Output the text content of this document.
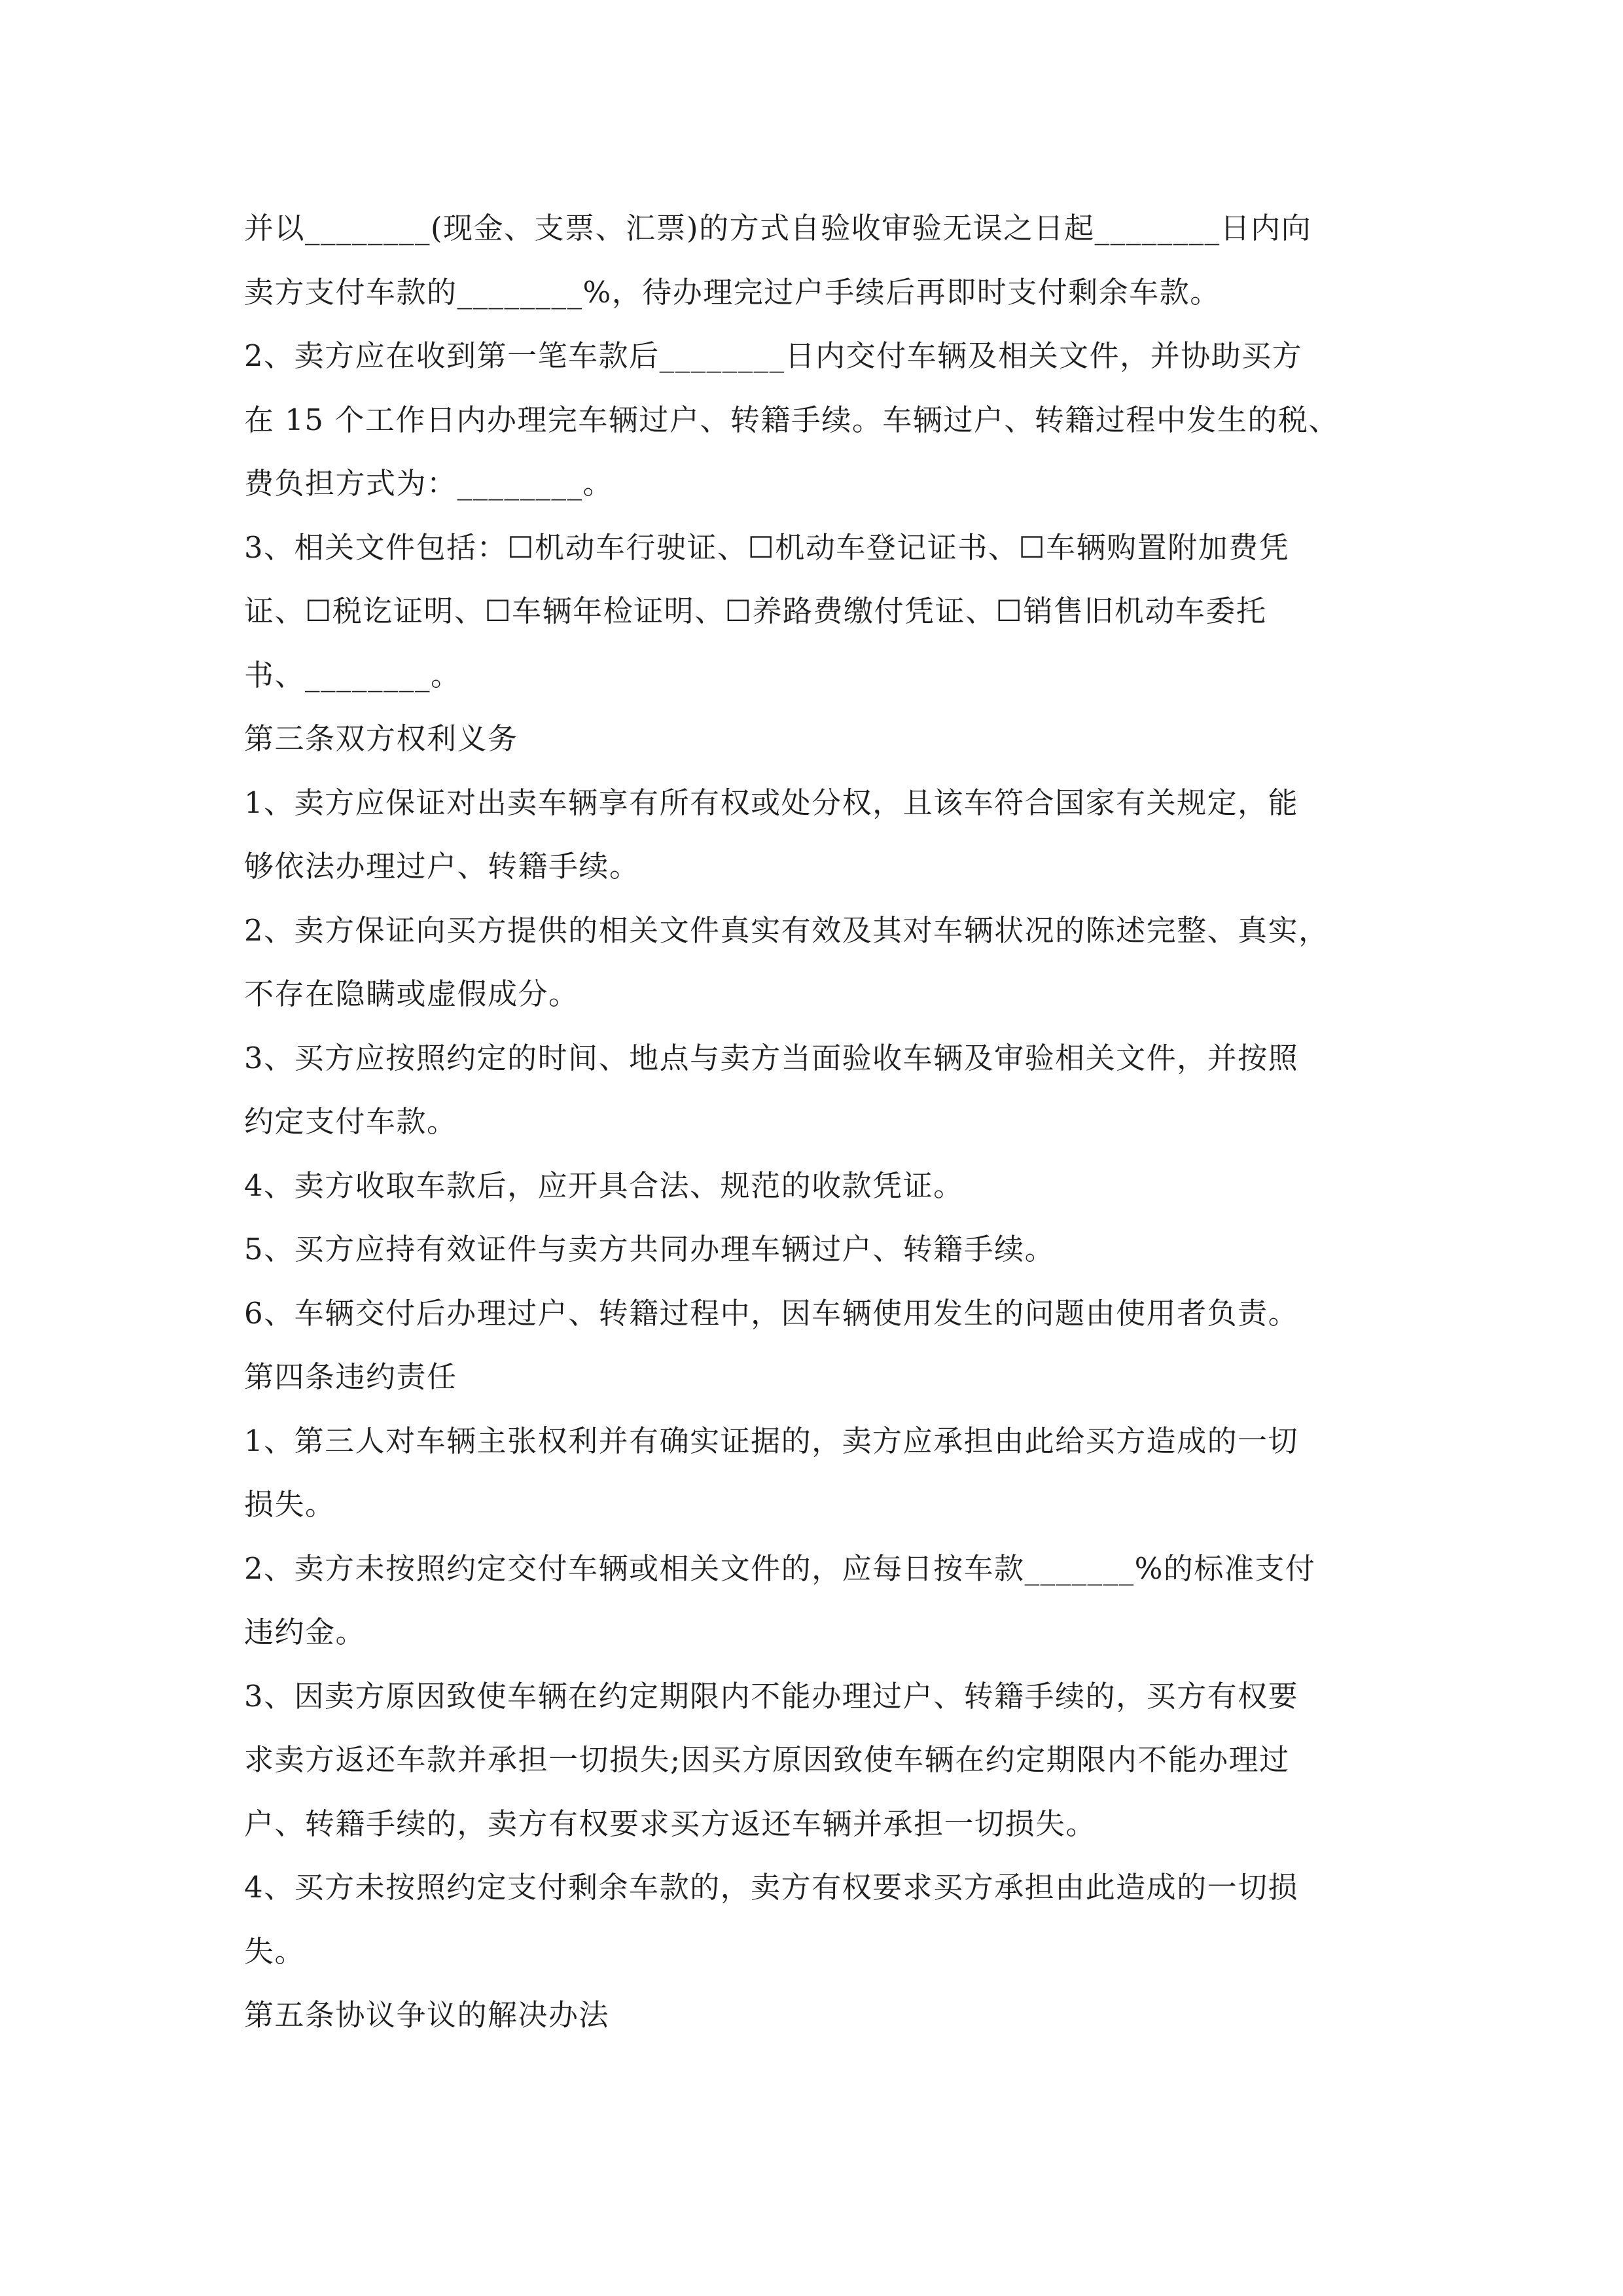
并以________(现金、支票、汇票)的方式自验收审验无误之日起________日内向
卖方支付车款的________%，待办理完过户手续后再即时支付剩余车款。
2、卖方应在收到第一笔车款后________日内交付车辆及相关文件，并协助买方
在 15 个工作日内办理完车辆过户、转籍手续。车辆过户、转籍过程中发生的税、
费负担方式为：________。
3、相关文件包括：☐机动车行驶证、☐机动车登记证书、☐车辆购置附加费凭
证、☐税讫证明、☐车辆年检证明、☐养路费缴付凭证、☐销售旧机动车委托
书、________。
第三条双方权利义务
1、卖方应保证对出卖车辆享有所有权或处分权，且该车符合国家有关规定，能
够依法办理过户、转籍手续。
2、卖方保证向买方提供的相关文件真实有效及其对车辆状况的陈述完整、真实，
不存在隐瞒或虚假成分。
3、买方应按照约定的时间、地点与卖方当面验收车辆及审验相关文件，并按照
约定支付车款。
4、卖方收取车款后，应开具合法、规范的收款凭证。
5、买方应持有效证件与卖方共同办理车辆过户、转籍手续。
6、车辆交付后办理过户、转籍过程中，因车辆使用发生的问题由使用者负责。
第四条违约责任
1、第三人对车辆主张权利并有确实证据的，卖方应承担由此给买方造成的一切
损失。
2、卖方未按照约定交付车辆或相关文件的，应每日按车款_______%的标准支付
违约金。
3、因卖方原因致使车辆在约定期限内不能办理过户、转籍手续的，买方有权要
求卖方返还车款并承担一切损失;因买方原因致使车辆在约定期限内不能办理过
户、转籍手续的，卖方有权要求买方返还车辆并承担一切损失。
4、买方未按照约定支付剩余车款的，卖方有权要求买方承担由此造成的一切损
失。
第五条协议争议的解决办法
